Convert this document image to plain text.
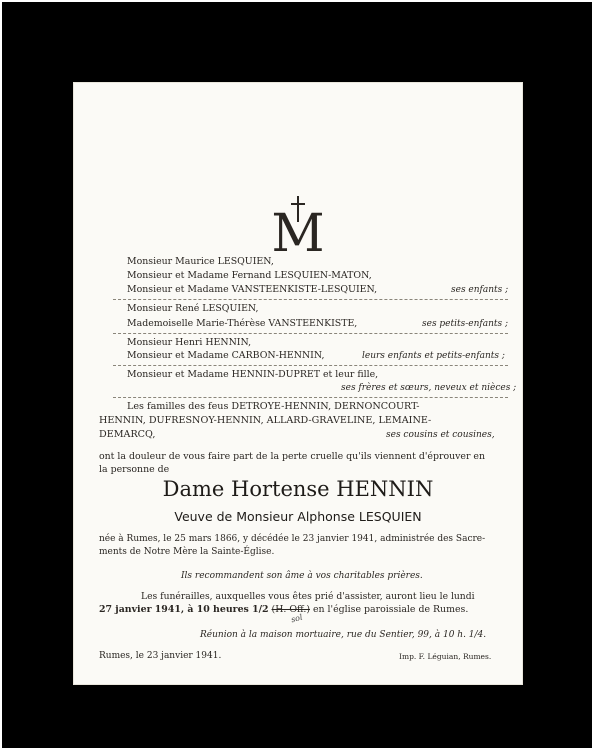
M
Monsieur Maurice LESQUIEN,
Monsieur et Madame Fernand LESQUIEN-MATON,
Monsieur et Madame VANSTEENKISTE-LESQUIEN,	ses enfants ;
Monsieur René LESQUIEN,
Mademoiselle Marie-Thérèse VANSTEENKISTE,	ses petits-enfants ;
Monsieur Henri HENNIN,
Monsieur et Madame CARBON-HENNIN,	leurs enfants et petits-enfants ;
Monsieur et Madame HENNIN-DUPRET et leur fille,
ses frères et sœurs, neveux et nièces ;
Les familles des feus DETROYE-HENNIN, DERNONCOURT-
HENNIN, DUFRESNOY-HENNIN, ALLARD-GRAVELINE, LEMAINE-
DEMARCQ,	ses cousins et cousines,
ont la douleur de vous faire part de la perte cruelle qu'ils viennent d'éprouver en
la personne de
Dame Hortense HENNIN
Veuve de Monsieur Alphonse LESQUIEN
née à Rumes, le 25 mars 1866, y décédée le 23 janvier 1941, administrée des Sacre-
ments de Notre Mère la Sainte-Église.
Ils recommandent son âme à vos charitables prières.
Les funérailles, auxquelles vous êtes prié d'assister, auront lieu le lundi
27 janvier 1941, à 10 heures 1/2 (H. Off.) en l'église paroissiale de Rumes.
sol
Réunion à la maison mortuaire, rue du Sentier, 99, à 10 h. 1/4.
Rumes, le 23 janvier 1941.	Imp. F. Léguian, Rumes.
